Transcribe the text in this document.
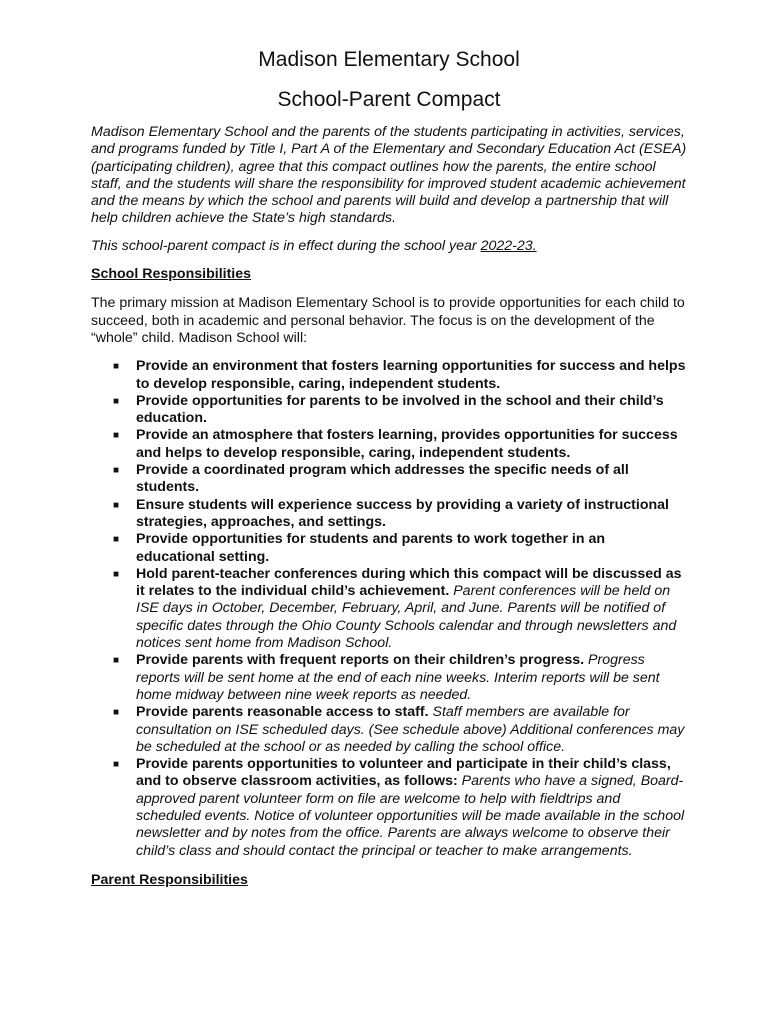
Madison Elementary School
School-Parent Compact

Madison Elementary School and the parents of the students participating in activities, services, and programs funded by Title I, Part A of the Elementary and Secondary Education Act (ESEA) (participating children), agree that this compact outlines how the parents, the entire school staff, and the students will share the responsibility for improved student academic achievement and the means by which the school and parents will build and develop a partnership that will help children achieve the State’s high standards.

This school-parent compact is in effect during the school year 2022-23.

School Responsibilities

The primary mission at Madison Elementary School is to provide opportunities for each child to succeed, both in academic and personal behavior. The focus is on the development of the “whole” child. Madison School will:

■ Provide an environment that fosters learning opportunities for success and helps to develop responsible, caring, independent students.
■ Provide opportunities for parents to be involved in the school and their child’s education.
■ Provide an atmosphere that fosters learning, provides opportunities for success and helps to develop responsible, caring, independent students.
■ Provide a coordinated program which addresses the specific needs of all students.
■ Ensure students will experience success by providing a variety of instructional strategies, approaches, and settings.
■ Provide opportunities for students and parents to work together in an educational setting.
■ Hold parent-teacher conferences during which this compact will be discussed as it relates to the individual child’s achievement. Parent conferences will be held on ISE days in October, December, February, April, and June. Parents will be notified of specific dates through the Ohio County Schools calendar and through newsletters and notices sent home from Madison School.
■ Provide parents with frequent reports on their children’s progress. Progress reports will be sent home at the end of each nine weeks. Interim reports will be sent home midway between nine week reports as needed.
■ Provide parents reasonable access to staff. Staff members are available for consultation on ISE scheduled days. (See schedule above) Additional conferences may be scheduled at the school or as needed by calling the school office.
■ Provide parents opportunities to volunteer and participate in their child’s class, and to observe classroom activities, as follows: Parents who have a signed, Board-approved parent volunteer form on file are welcome to help with fieldtrips and scheduled events. Notice of volunteer opportunities will be made available in the school newsletter and by notes from the office. Parents are always welcome to observe their child’s class and should contact the principal or teacher to make arrangements.
Parent Responsibilities
